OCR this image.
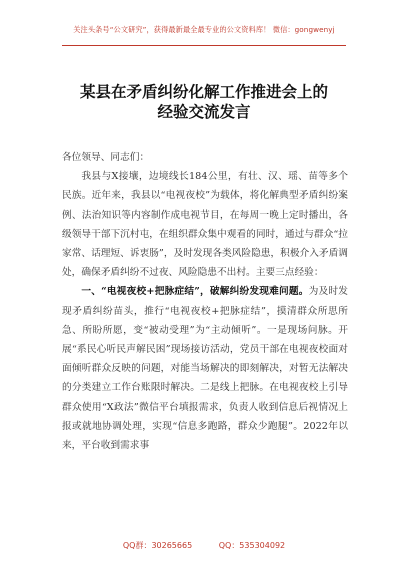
关注头条号“公文研究”，获得最新最全最专业的公文资料库！ 微信：gongwenyj
某县在矛盾纠纷化解工作推进会上的
经验交流发言

各位领导、同志们：

我县与X接壤，边境线长184公里，有壮、汉、瑶、苗等多个民族。近年来，我县以“电视夜校”为载体，将化解典型矛盾纠纷案例、法治知识等内容制作成电视节目，在每周一晚上定时播出，各级领导干部下沉村屯，在组织群众集中观看的同时，通过与群众“拉家常、话理短、诉衷肠”，及时发现各类风险隐患，积极介入矛盾调处，确保矛盾纠纷不过夜、风险隐患不出村。主要三点经验：

一、“电视夜校+把脉症结”，破解纠纷发现难问题。为及时发现矛盾纠纷苗头，推行“电视夜校+把脉症结”，摸清群众所思所急、所盼所愿，变“被动受理”为“主动倾听”。一是现场问脉。开展“系民心听民声解民困”现场接访活动，党员干部在电视夜校面对面倾听群众反映的问题，对能当场解决的即刻解决，对暂无法解决的分类建立工作台账限时解决。二是线上把脉。在电视夜校上引导群众使用“X政法”微信平台填报需求，负责人收到信息后视情况上报或就地协调处理，实现“信息多跑路，群众少跑腿”。2022年以来，平台收到需求事

QQ群：30265665	QQ：535304092
